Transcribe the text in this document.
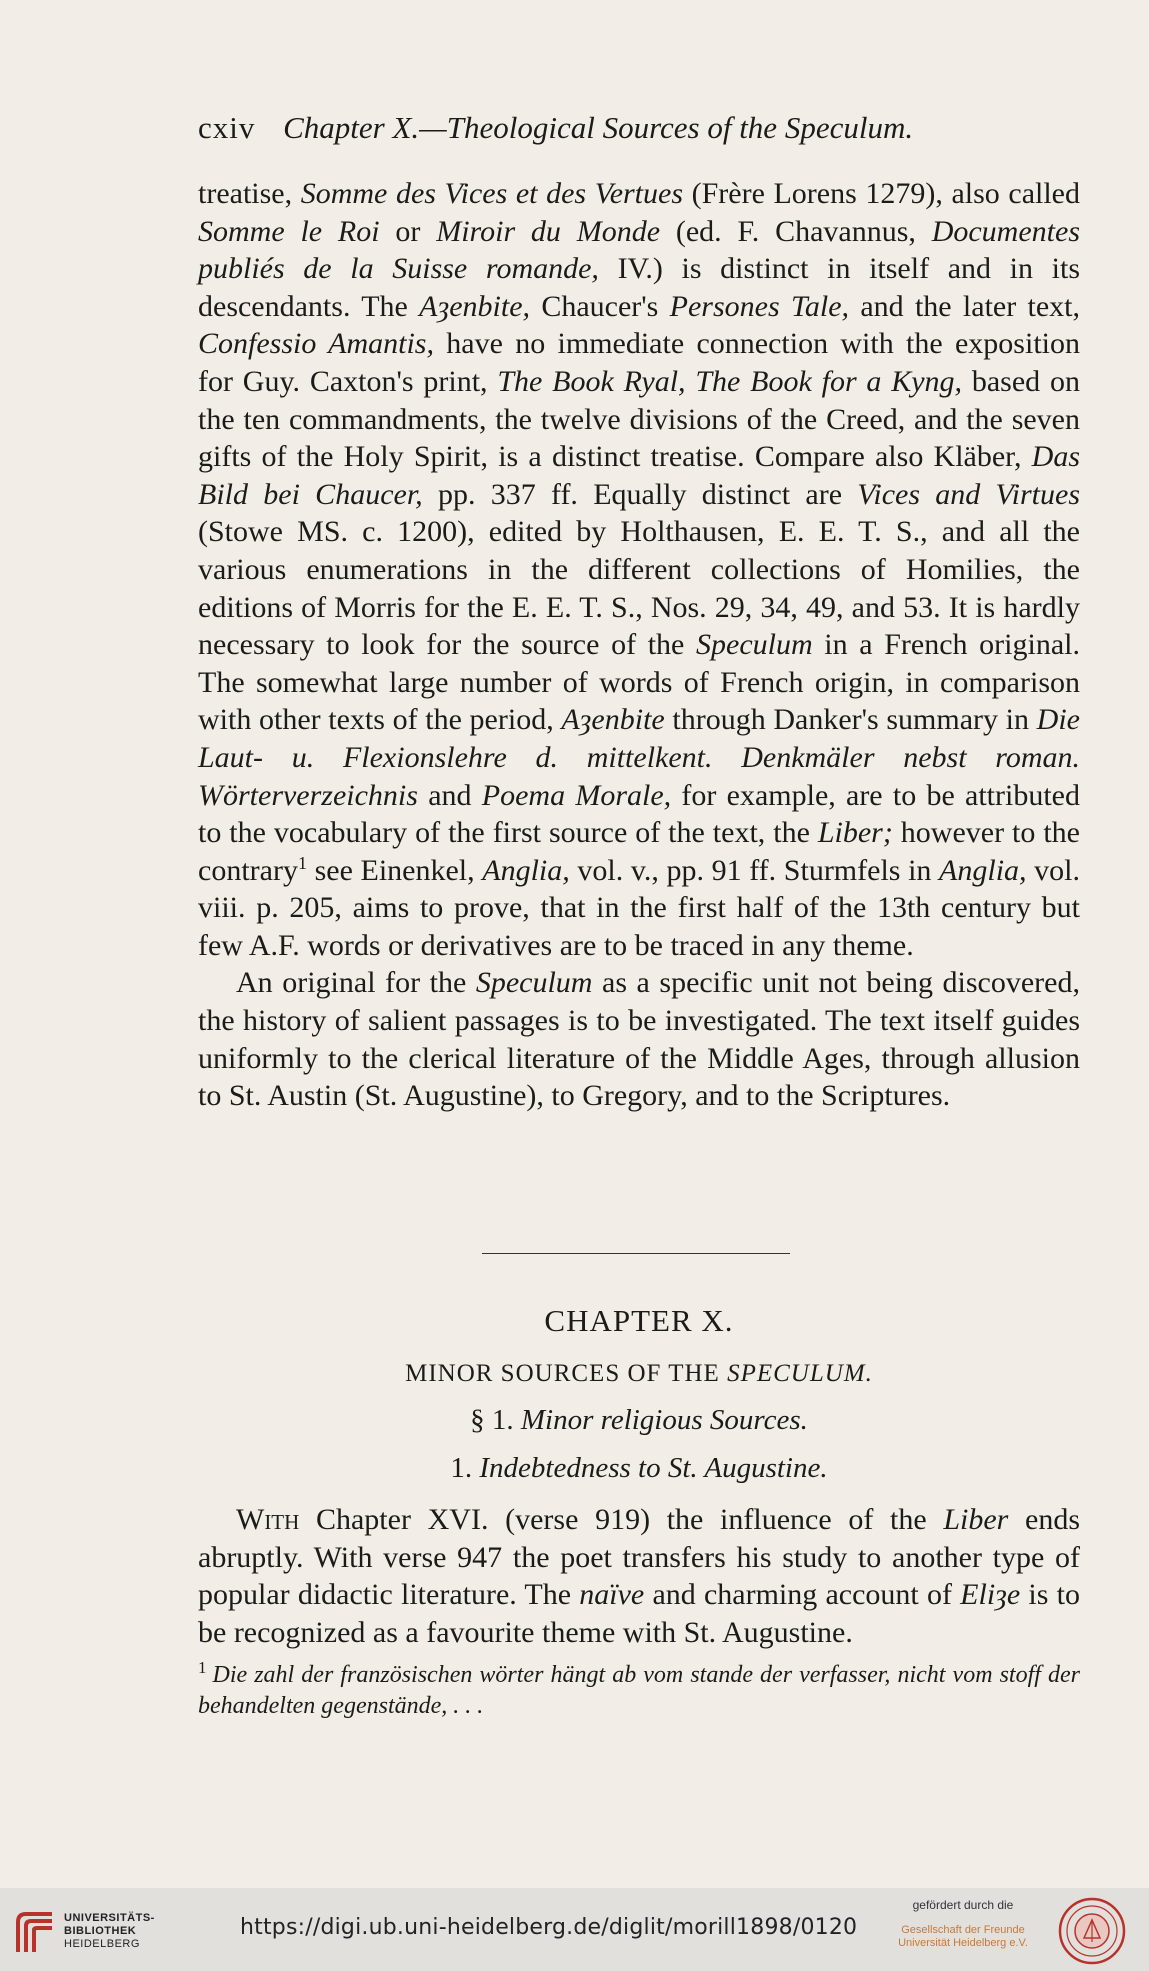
cxiv Chapter X.—Theological Sources of the Speculum.

treatise, Somme des Vices et des Vertues (Frère Lorens 1279), also called Somme le Roi or Miroir du Monde (ed. F. Chavannus, Documentes publiés de la Suisse romande, IV.) is distinct in itself and in its descendants. The Aȝenbite, Chaucer's Persones Tale, and the later text, Confessio Amantis, have no immediate connection with the exposition for Guy. Caxton's print, The Book Ryal, The Book for a Kyng, based on the ten commandments, the twelve divisions of the Creed, and the seven gifts of the Holy Spirit, is a distinct treatise. Compare also Kläber, Das Bild bei Chaucer, pp. 337 ff. Equally distinct are Vices and Virtues (Stowe MS. c. 1200), edited by Holthausen, E. E. T. S., and all the various enumerations in the different collections of Homilies, the editions of Morris for the E. E. T. S., Nos. 29, 34, 49, and 53. It is hardly necessary to look for the source of the Speculum in a French original. The somewhat large number of words of French origin, in comparison with other texts of the period, Aȝenbite through Danker's summary in Die Laut- u. Flexionslehre d. mittelkent. Denkmäler nebst roman. Wörterverzeichnis and Poema Morale, for example, are to be attributed to the vocabulary of the first source of the text, the Liber; however to the contrary$^1$ see Einenkel, Anglia, vol. v., pp. 91 ff. Sturmfels in Anglia, vol. viii. p. 205, aims to prove, that in the first half of the 13th century but few A.F. words or derivatives are to be traced in any theme.

An original for the Speculum as a specific unit not being discovered, the history of salient passages is to be investigated. The text itself guides uniformly to the clerical literature of the Middle Ages, through allusion to St. Austin (St. Augustine), to Gregory, and to the Scriptures.

CHAPTER X.
MINOR SOURCES OF THE SPECULUM.
§ 1. Minor religious Sources.
1. Indebtedness to St. Augustine.

With Chapter XVI. (verse 919) the influence of the Liber ends abruptly. With verse 947 the poet transfers his study to another type of popular didactic literature. The naïve and charming account of Eliȝe is to be recognized as a favourite theme with St. Augustine.

$^1$ Die zahl der französischen wörter hängt ab vom stande der verfasser, nicht vom stoff der behandelten gegenstände, . . .
UNIVERSITÄTS-
BIBLIOTHEK
HEIDELBERG
https://digi.ub.uni-heidelberg.de/diglit/morill1898/0120
gefördert durch die
Gesellschaft der Freunde
Universität Heidelberg e.V.
